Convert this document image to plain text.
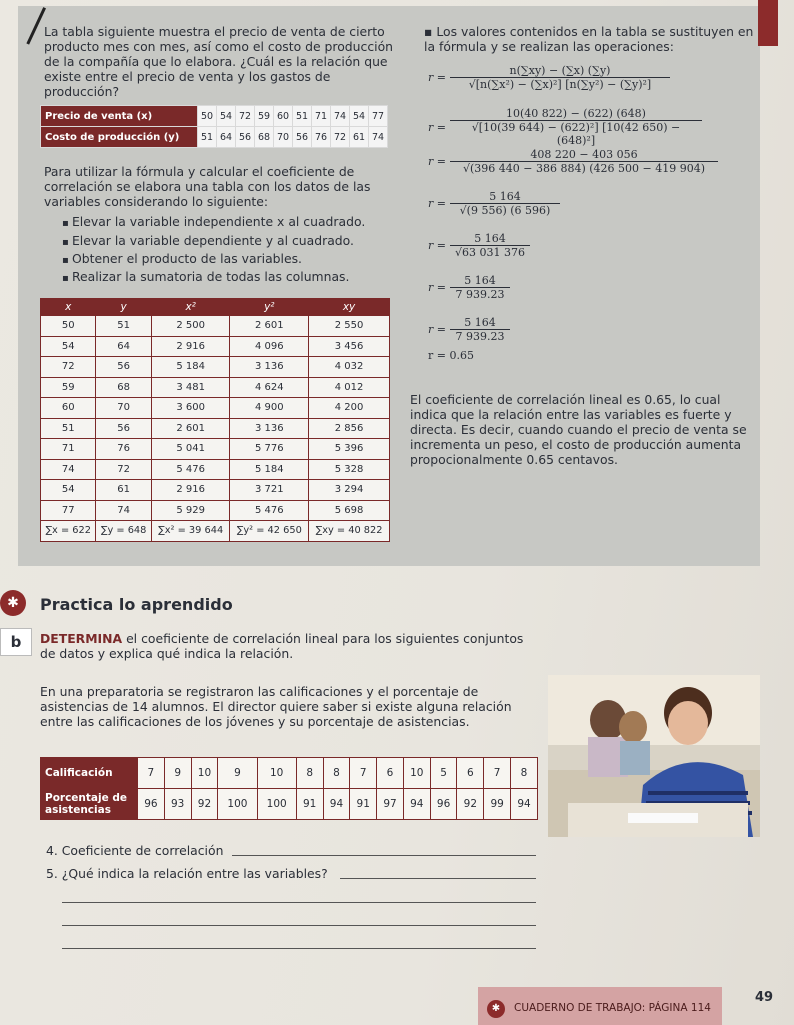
La tabla siguiente muestra el precio de venta de cierto producto mes con mes, así como el costo de producción de la compañía que lo elabora. ¿Cuál es la relación que existe entre el precio de venta y los gastos de producción?
Precio de venta (x)	50	54	72	59	60	51	71	74	54	77
Costo de producción (y)	51	64	56	68	70	56	76	72	61	74
Para utilizar la fórmula y calcular el coeficiente de correlación se elabora una tabla con los datos de las variables considerando lo siguiente:
▪ Elevar la variable independiente x al cuadrado.
▪ Elevar la variable dependiente y al cuadrado.
▪ Obtener el producto de las variables.
▪ Realizar la sumatoria de todas las columnas.
x	y	x²	y²	xy
50	51	2 500	2 601	2 550
54	64	2 916	4 096	3 456
72	56	5 184	3 136	4 032
59	68	3 481	4 624	4 012
60	70	3 600	4 900	4 200
51	56	2 601	3 136	2 856
71	76	5 041	5 776	5 396
74	72	5 476	5 184	5 328
54	61	2 916	3 721	3 294
77	74	5 929	5 476	5 698
∑x = 622	∑y = 648	∑x² = 39 644	∑y² = 42 650	∑xy = 40 822
▪ Los valores contenidos en la tabla se sustituyen en la fórmula y se realizan las operaciones:
$r = \frac{n(\sum xy) - (\sum x) (\sum y)}{\text{√[n(∑x²) − (∑x)²] [n(∑y²) − (∑y)²]}}$
$r = \frac{10(40 822) - (622) (648)}{\text{√[10(39 644) − (622)²] [10(42 650) − (648)²]}}$
$r = \frac{408 220 - 403 056}{√(396 440 - 386 884) (426 500 - 419 904)}$
$r = \frac{5 164}{√(9 556) (6 596)}$
$r = \frac{5 164}{√63 031 376}$
$r = \frac{5 164}{7 939.23}$
$r = \frac{5 164}{7 939.23}$
r = 0.65
El coeficiente de correlación lineal es 0.65, lo cual indica que la relación entre las variables es fuerte y directa. Es decir, cuando cuando el precio de venta se incrementa un peso, el costo de producción aumenta propocionalmente 0.65 centavos.
✱	Practica lo aprendido
b	DETERMINA el coeficiente de correlación lineal para los siguientes conjuntos de datos y explica qué indica la relación.
En una preparatoria se registraron las calificaciones y el porcentaje de asistencias de 14 alumnos. El director quiere saber si existe alguna relación entre las calificaciones de los jóvenes y su porcentaje de asistencias.
Calificación	7	9	10	9	10	8	8	7	6	10	5	6	7	8
Porcentaje de asistencias	96	93	92	100	100	91	94	91	97	94	96	92	99	94
4. Coeficiente de correlación
5. ¿Qué indica la relación entre las variables?
✱	CUADERNO DE TRABAJO: PÁGINA 114
49
